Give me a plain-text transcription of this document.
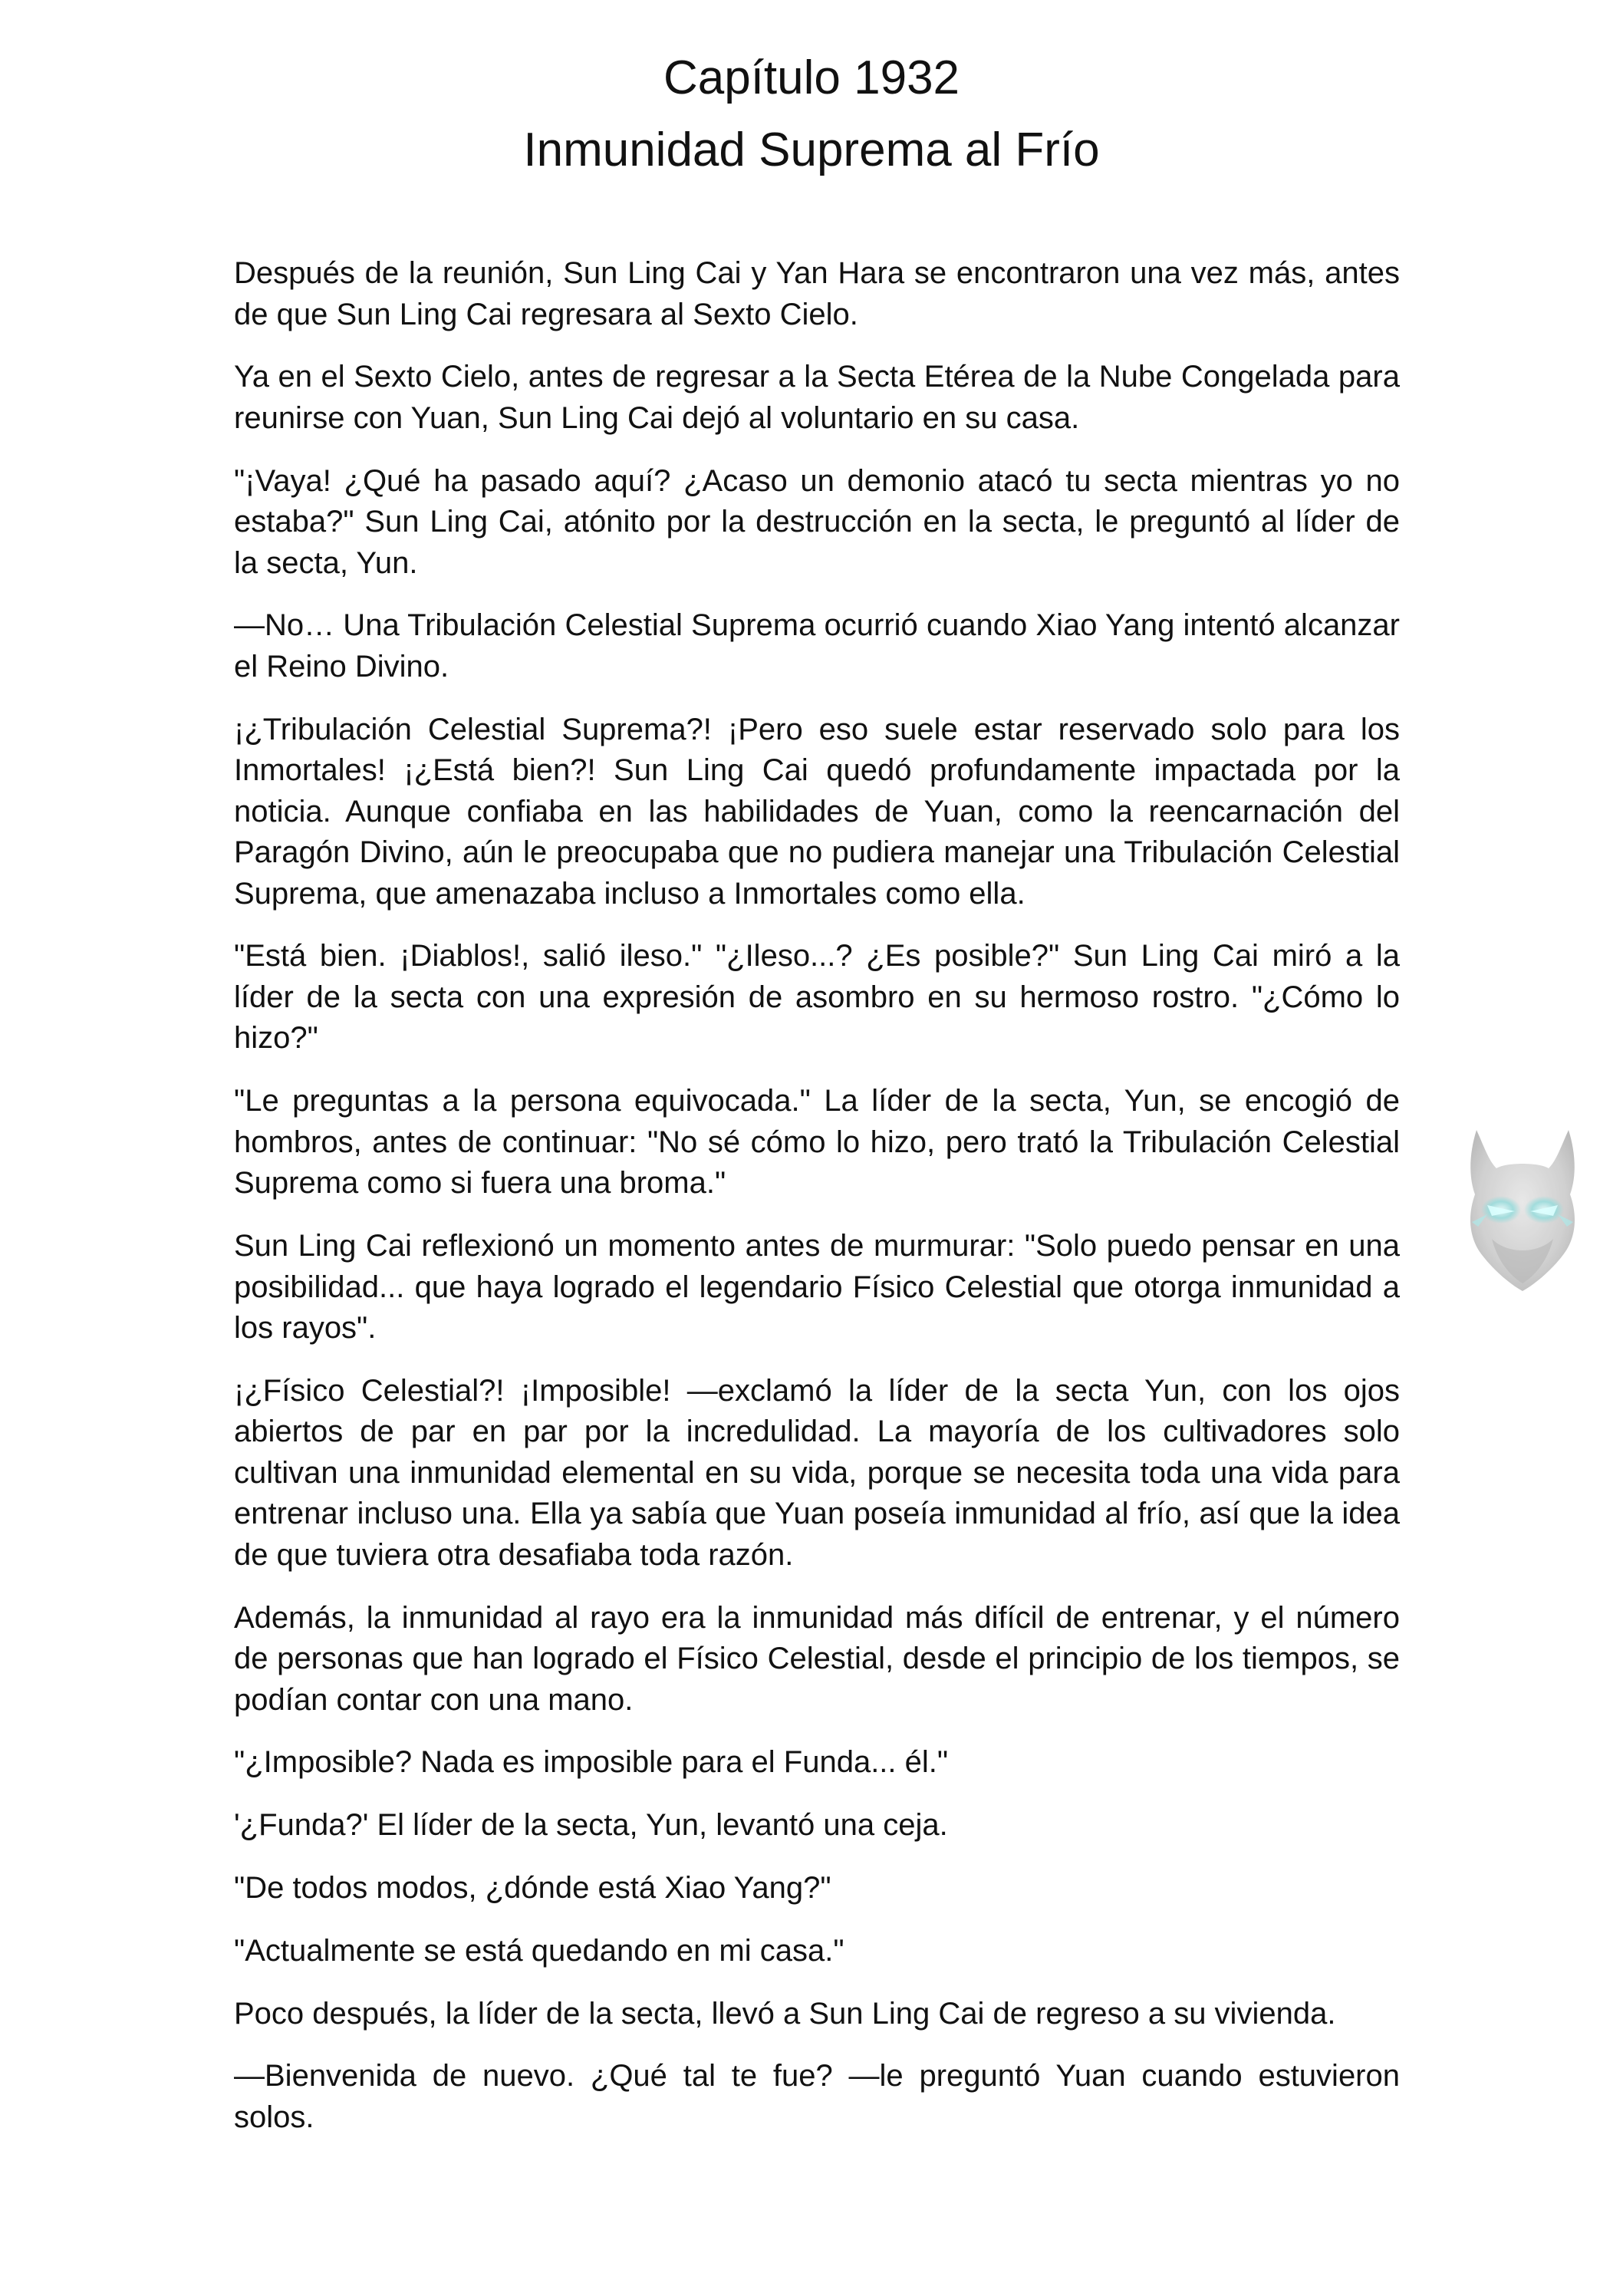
Capítulo 1932
Inmunidad Suprema al Frío

Después de la reunión, Sun Ling Cai y Yan Hara se encontraron una vez más, antes de que Sun Ling Cai regresara al Sexto Cielo.

Ya en el Sexto Cielo, antes de regresar a la Secta Etérea de la Nube Congelada para reunirse con Yuan, Sun Ling Cai dejó al voluntario en su casa.

"¡Vaya! ¿Qué ha pasado aquí? ¿Acaso un demonio atacó tu secta mientras yo no estaba?" Sun Ling Cai, atónito por la destrucción en la secta, le preguntó al líder de la secta, Yun.

—No… Una Tribulación Celestial Suprema ocurrió cuando Xiao Yang intentó alcanzar el Reino Divino.

¡¿Tribulación Celestial Suprema?! ¡Pero eso suele estar reservado solo para los Inmortales! ¡¿Está bien?! Sun Ling Cai quedó profundamente impactada por la noticia. Aunque confiaba en las habilidades de Yuan, como la reencarnación del Paragón Divino, aún le preocupaba que no pudiera manejar una Tribulación Celestial Suprema, que amenazaba incluso a Inmortales como ella.

"Está bien. ¡Diablos!, salió ileso." "¿Ileso...? ¿Es posible?" Sun Ling Cai miró a la líder de la secta con una expresión de asombro en su hermoso rostro. "¿Cómo lo hizo?"

"Le preguntas a la persona equivocada." La líder de la secta, Yun, se encogió de hombros, antes de continuar: "No sé cómo lo hizo, pero trató la Tribulación Celestial Suprema como si fuera una broma."

Sun Ling Cai reflexionó un momento antes de murmurar: "Solo puedo pensar en una posibilidad... que haya logrado el legendario Físico Celestial que otorga inmunidad a los rayos".

¡¿Físico Celestial?! ¡Imposible! —exclamó la líder de la secta Yun, con los ojos abiertos de par en par por la incredulidad. La mayoría de los cultivadores solo cultivan una inmunidad elemental en su vida, porque se necesita toda una vida para entrenar incluso una. Ella ya sabía que Yuan poseía inmunidad al frío, así que la idea de que tuviera otra desafiaba toda razón.

Además, la inmunidad al rayo era la inmunidad más difícil de entrenar, y el número de personas que han logrado el Físico Celestial, desde el principio de los tiempos, se podían contar con una mano.

"¿Imposible? Nada es imposible para el Funda... él."

'¿Funda?' El líder de la secta, Yun, levantó una ceja.

"De todos modos, ¿dónde está Xiao Yang?"

"Actualmente se está quedando en mi casa."

Poco después, la líder de la secta, llevó a Sun Ling Cai de regreso a su vivienda.

—Bienvenida de nuevo. ¿Qué tal te fue? —le preguntó Yuan cuando estuvieron solos.
